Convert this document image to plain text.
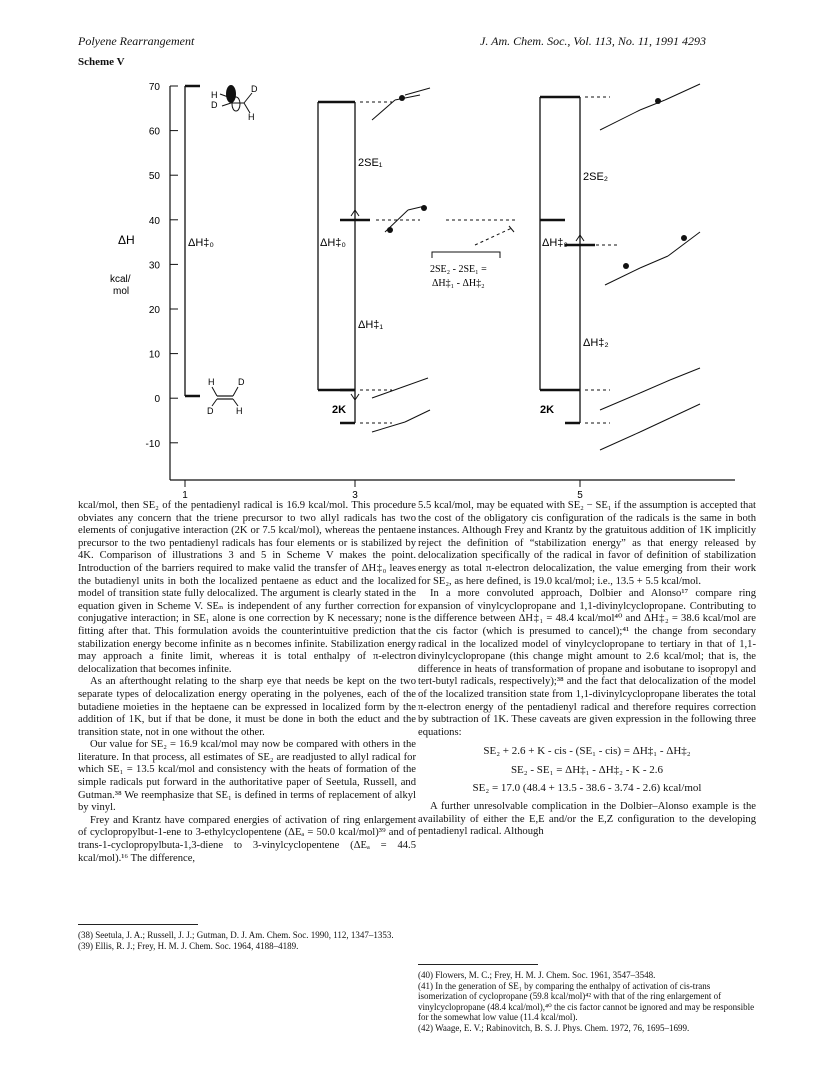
Polyene Rearrangement	J. Am. Chem. Soc., Vol. 113, No. 11, 1991 4293
Scheme V
70
60
50
40
30
20
10
0
-10
1	3	5
ΔH
kcal/
mol
ΔH‡₀
H
D
D
H
H	D
D	H
ΔH‡₀
2SE₁
ΔH‡₁
2K
2SE₂ - 2SE₁ =
ΔH‡₁ - ΔH‡₂
ΔH‡₀
2SE₂
ΔH‡₂
2K

kcal/mol, then SE₂ of the pentadienyl radical is 16.9 kcal/mol. This procedure obviates any concern that the triene precursor to two allyl radicals has two elements of conjugative interaction (2K or 7.5 kcal/mol), whereas the pentaene precursor to the two pentadienyl radicals has four elements or is stabilized by 4K. Comparison of illustrations 3 and 5 in Scheme V makes the point. Introduction of the barriers required to make valid the transfer of ΔH‡₀ leaves the butadienyl units in both the localized pentaene as educt and the localized model of transition state fully delocalized. The argument is clearly stated in the equation given in Scheme V. SEₙ is independent of any further correction for conjugative interaction; in SE₁ alone is one correction by K necessary; none is fitting after that. This formulation avoids the counterintuitive prediction that stabilization energy become infinite as n becomes infinite. Stabilization energy may approach a finite limit, whereas it is total enthalpy of π-electron delocalization that becomes infinite.

As an afterthought relating to the sharp eye that needs be kept on the two separate types of delocalization energy operating in the polyenes, each of the butadiene moieties in the heptaene can be expressed in localized form by the addition of 1K, but if that be done, it must be done in both the educt and the transition state, not in one without the other.

Our value for SE₂ = 16.9 kcal/mol may now be compared with others in the literature. In that process, all estimates of SE₂ are readjusted to allyl radical for which SE₁ = 13.5 kcal/mol and consistency with the heats of formation of the simple radicals put forward in the authoritative paper of Seetula, Russell, and Gutman.³⁸ We reemphasize that SE₁ is defined in terms of replacement of alkyl by vinyl.

Frey and Krantz have compared energies of activation of ring enlargement of cyclopropylbut-1-ene to 3-ethylcyclopentene (ΔEₐ = 50.0 kcal/mol)³⁹ and of trans-1-cyclopropylbuta-1,3-diene to 3-vinylcyclopentene (ΔEₐ = 44.5 kcal/mol).¹⁶ The difference,

5.5 kcal/mol, may be equated with SE₂ − SE₁ if the assumption is accepted that the cost of the obligatory cis configuration of the radicals is the same in both instances. Although Frey and Krantz by the gratuitous addition of 1K implicitly reject the definition of “stabilization energy” as that energy released by delocalization specifically of the radical in favor of definition of stabilization energy as total π-electron delocalization, the value emerging from their work for SE₂, as here defined, is 19.0 kcal/mol; i.e., 13.5 + 5.5 kcal/mol.

In a more convoluted approach, Dolbier and Alonso¹⁷ compare ring expansion of vinylcyclopropane and 1,1-divinylcyclopropane. Contributing to the difference between ΔH‡₁ = 48.4 kcal/mol⁴⁰ and ΔH‡₂ = 38.6 kcal/mol are the cis factor (which is presumed to cancel);⁴¹ the change from secondary radical in the localized model of vinylcyclopropane to tertiary in that of 1,1-divinylcyclopropane (this change might amount to 2.6 kcal/mol; that is, the difference in heats of transformation of propane and isobutane to isopropyl and tert-butyl radicals, respectively);³⁸ and the fact that delocalization of the model of the localized transition state from 1,1-divinylcyclopropane liberates the total π-electron energy of the pentadienyl radical and therefore requires correction by subtraction of 1K. These caveats are given expression in the following three equations:

SE₂ + 2.6 + K - cis - (SE₁ - cis) = ΔH‡₁ - ΔH‡₂

SE₂ - SE₁ = ΔH‡₁ - ΔH‡₂ - K - 2.6

SE₂ = 17.0 (48.4 + 13.5 - 38.6 - 3.74 - 2.6) kcal/mol

A further unresolvable complication in the Dolbier–Alonso example is the availability of either the E,E and/or the E,Z configuration to the developing pentadienyl radical. Although

(38) Seetula, J. A.; Russell, J. J.; Gutman, D. J. Am. Chem. Soc. 1990, 112, 1347–1353.

(39) Ellis, R. J.; Frey, H. M. J. Chem. Soc. 1964, 4188–4189.

(40) Flowers, M. C.; Frey, H. M. J. Chem. Soc. 1961, 3547–3548.

(41) In the generation of SE₁ by comparing the enthalpy of activation of cis-trans isomerization of cyclopropane (59.8 kcal/mol)⁴² with that of the ring enlargement of vinylcyclopropane (48.4 kcal/mol),⁴⁰ the cis factor cannot be ignored and may be responsible for the somewhat low value (11.4 kcal/mol).

(42) Waage, E. V.; Rabinovitch, B. S. J. Phys. Chem. 1972, 76, 1695–1699.
